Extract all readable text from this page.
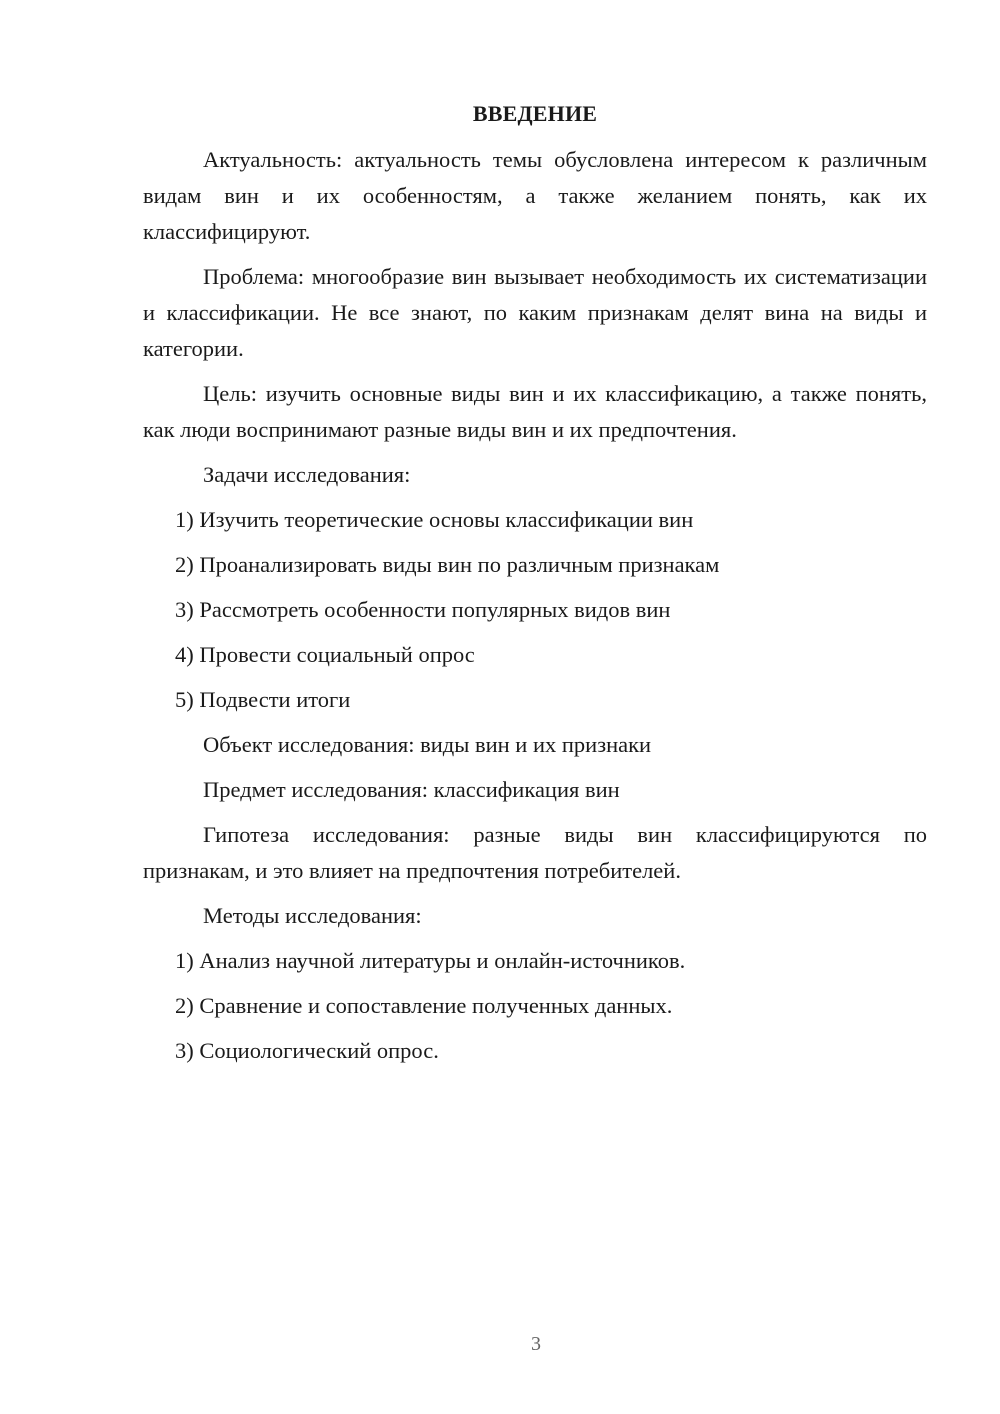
ВВЕДЕНИЕ

Актуальность: актуальность темы обусловлена интересом к различным видам вин и их особенностям, а также желанием понять, как их классифицируют.

Проблема: многообразие вин вызывает необходимость их систематизации и классификации. Не все знают, по каким признакам делят вина на виды и категории.

Цель: изучить основные виды вин и их классификацию, а также понять, как люди воспринимают разные виды вин и их предпочтения.

Задачи исследования:
1) Изучить теоретические основы классификации вин
2) Проанализировать виды вин по различным признакам
3) Рассмотреть особенности популярных видов вин
4) Провести социальный опрос
5) Подвести итоги
Объект исследования: виды вин и их признаки
Предмет исследования: классификация вин

Гипотеза исследования: разные виды вин классифицируются по признакам, и это влияет на предпочтения потребителей.

Методы исследования:
1) Анализ научной литературы и онлайн-источников.
2) Сравнение и сопоставление полученных данных.
3) Социологический опрос.
3
